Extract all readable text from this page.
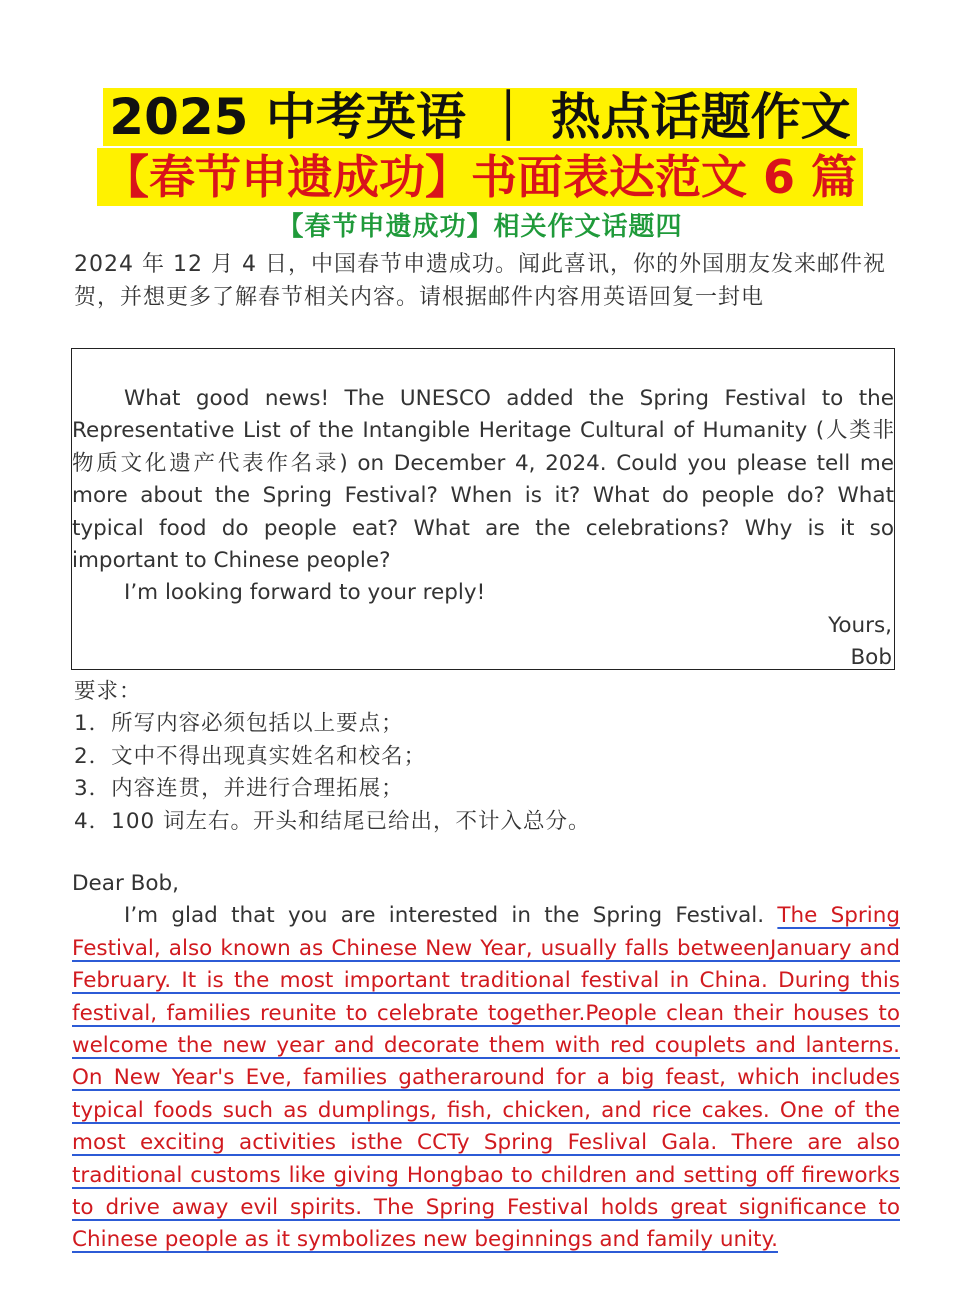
2025 中考英语 ｜ 热点话题作文
【春节申遗成功】书面表达范文 6 篇
【春节申遗成功】相关作文话题四
2024 年 12 月 4 日，中国春节申遗成功。闻此喜讯，你的外国朋友发来邮件祝贺，并想更多了解春节相关内容。请根据邮件内容用英语回复一封电

What good news! The UNESCO added the Spring Festival to the Representative List of the Intangible Heritage Cultural of Humanity (人类非物质文化遗产代表作名录) on December 4, 2024. Could you please tell me more about the Spring Festival? When is it? What do people do? What typical food do people eat? What are the celebrations? Why is it so important to Chinese people?

I’m looking forward to your reply!

Yours,

Bob

要求：
1．所写内容必须包括以上要点；
2．文中不得出现真实姓名和校名；
3．内容连贯，并进行合理拓展；
4．100 词左右。开头和结尾已给出，不计入总分。

Dear Bob,

I’m glad that you are interested in the Spring Festival. The Spring Festival, also known as Chinese New Year, usually falls betweenJanuary and February. It is the most important traditional festival in China. During this festival, families reunite to celebrate together.People clean their houses to welcome the new year and decorate them with red couplets and lanterns. On New Year's Eve, families gatheraround for a big feast, which includes typical foods such as dumplings, fish, chicken, and rice cakes. One of the most exciting activities isthe CCTy Spring Feslival Gala. There are also traditional customs like giving Hongbao to children and setting off fireworks to drive away evil spirits. The Spring Festival holds great significance to Chinese people as it symbolizes new beginnings and family unity.
